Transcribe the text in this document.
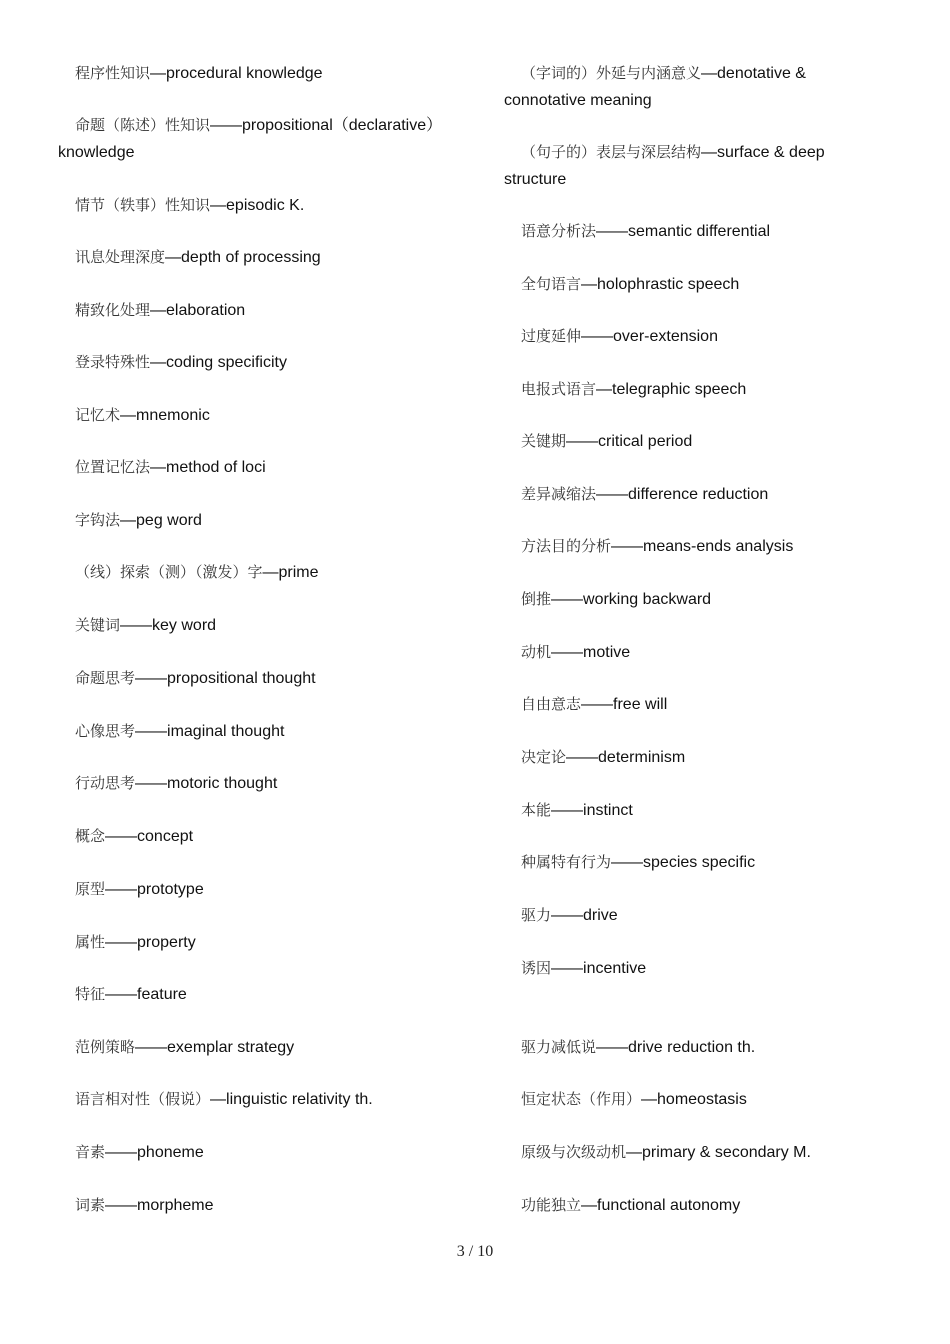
程序性知识—procedural knowledge
命题（陈述）性知识——propositional（declarative）
knowledge
情节（轶事）性知识—episodic K.
讯息处理深度—depth of processing
精致化处理—elaboration
登录特殊性—coding specificity
记忆术—mnemonic
位置记忆法—method of loci
字钩法—peg word
（线）探索（测）（激发）字—prime
关键词——key word
命题思考——propositional thought
心像思考——imaginal thought
行动思考——motoric thought
概念——concept
原型——prototype
属性——property
特征——feature
范例策略——exemplar strategy
语言相对性（假说）—linguistic relativity th.
音素——phoneme
词素——morpheme
（字词的）外延与内涵意义—denotative &
connotative meaning
（句子的）表层与深层结构—surface & deep
structure
语意分析法——semantic differential
全句语言—holophrastic speech
过度延伸——over-extension
电报式语言—telegraphic speech
关键期——critical period
差异减缩法——difference reduction
方法目的分析——means-ends analysis
倒推——working backward
动机——motive
自由意志——free will
决定论——determinism
本能——instinct
种属特有行为——species specific
驱力——drive
诱因——incentive
驱力减低说——drive reduction th.
恒定状态（作用）—homeostasis
原级与次级动机—primary & secondary M.
功能独立—functional autonomy
3 / 10
